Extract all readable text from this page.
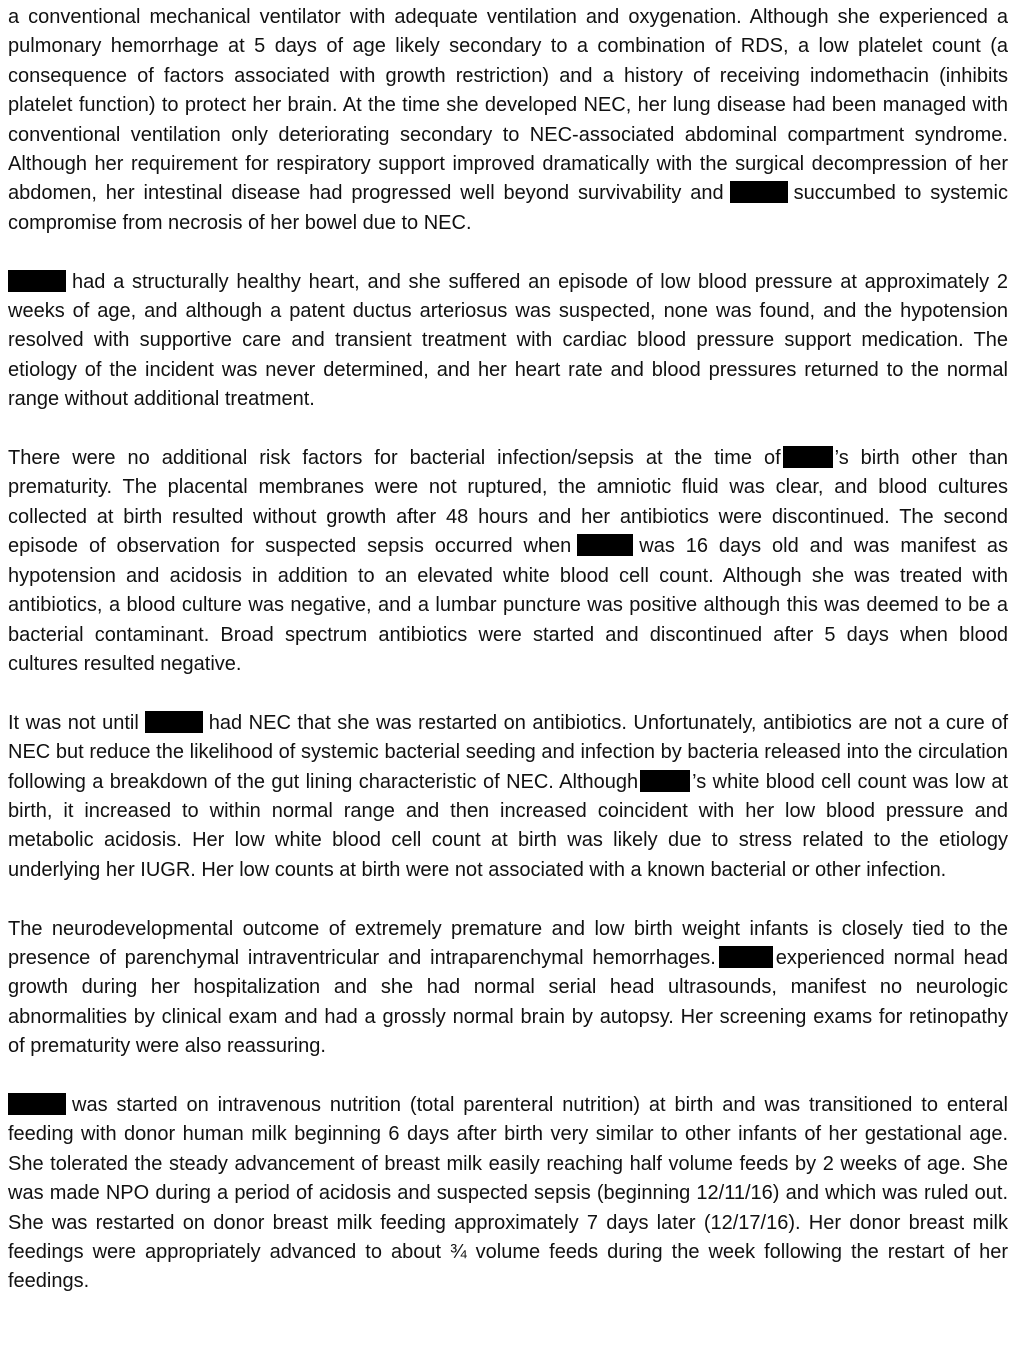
a conventional mechanical ventilator with adequate ventilation and oxygenation. Although she experienced a pulmonary hemorrhage at 5 days of age likely secondary to a combination of RDS, a low platelet count (a consequence of factors associated with growth restriction) and a history of receiving indomethacin (inhibits platelet function) to protect her brain. At the time she developed NEC, her lung disease had been managed with conventional ventilation only deteriorating secondary to NEC-associated abdominal compartment syndrome. Although her requirement for respiratory support improved dramatically with the surgical decompression of her abdomen, her intestinal disease had progressed well beyond survivability and	succumbed to systemic compromise from necrosis of her bowel due to NEC.

had a structurally healthy heart, and she suffered an episode of low blood pressure at approximately 2 weeks of age, and although a patent ductus arteriosus was suspected, none was found, and the hypotension resolved with supportive care and transient treatment with cardiac blood pressure support medication. The etiology of the incident was never determined, and her heart rate and blood pressures returned to the normal range without additional treatment.

There were no additional risk factors for bacterial infection/sepsis at the time of	’s birth other than prematurity. The placental membranes were not ruptured, the amniotic fluid was clear, and blood cultures collected at birth resulted without growth after 48 hours and her antibiotics were discontinued. The second episode of observation for suspected sepsis occurred when	was 16 days old and was manifest as hypotension and acidosis in addition to an elevated white blood cell count. Although she was treated with antibiotics, a blood culture was negative, and a lumbar puncture was positive although this was deemed to be a bacterial contaminant. Broad spectrum antibiotics were started and discontinued after 5 days when blood cultures resulted negative.

It was not until	had NEC that she was restarted on antibiotics. Unfortunately, antibiotics are not a cure of NEC but reduce the likelihood of systemic bacterial seeding and infection by bacteria released into the circulation following a breakdown of the gut lining characteristic of NEC. Although	’s white blood cell count was low at birth, it increased to within normal range and then increased coincident with her low blood pressure and metabolic acidosis. Her low white blood cell count at birth was likely due to stress related to the etiology underlying her IUGR. Her low counts at birth were not associated with a known bacterial or other infection.

The neurodevelopmental outcome of extremely premature and low birth weight infants is closely tied to the presence of parenchymal intraventricular and intraparenchymal hemorrhages.	experienced normal head growth during her hospitalization and she had normal serial head ultrasounds, manifest no neurologic abnormalities by clinical exam and had a grossly normal brain by autopsy. Her screening exams for retinopathy of prematurity were also reassuring.

was started on intravenous nutrition (total parenteral nutrition) at birth and was transitioned to enteral feeding with donor human milk beginning 6 days after birth very similar to other infants of her gestational age. She tolerated the steady advancement of breast milk easily reaching half volume feeds by 2 weeks of age. She was made NPO during a period of acidosis and suspected sepsis (beginning 12/11/16) and which was ruled out. She was restarted on donor breast milk feeding approximately 7 days later (12/17/16). Her donor breast milk feedings were appropriately advanced to about ¾ volume feeds during the week following the restart of her feedings.
